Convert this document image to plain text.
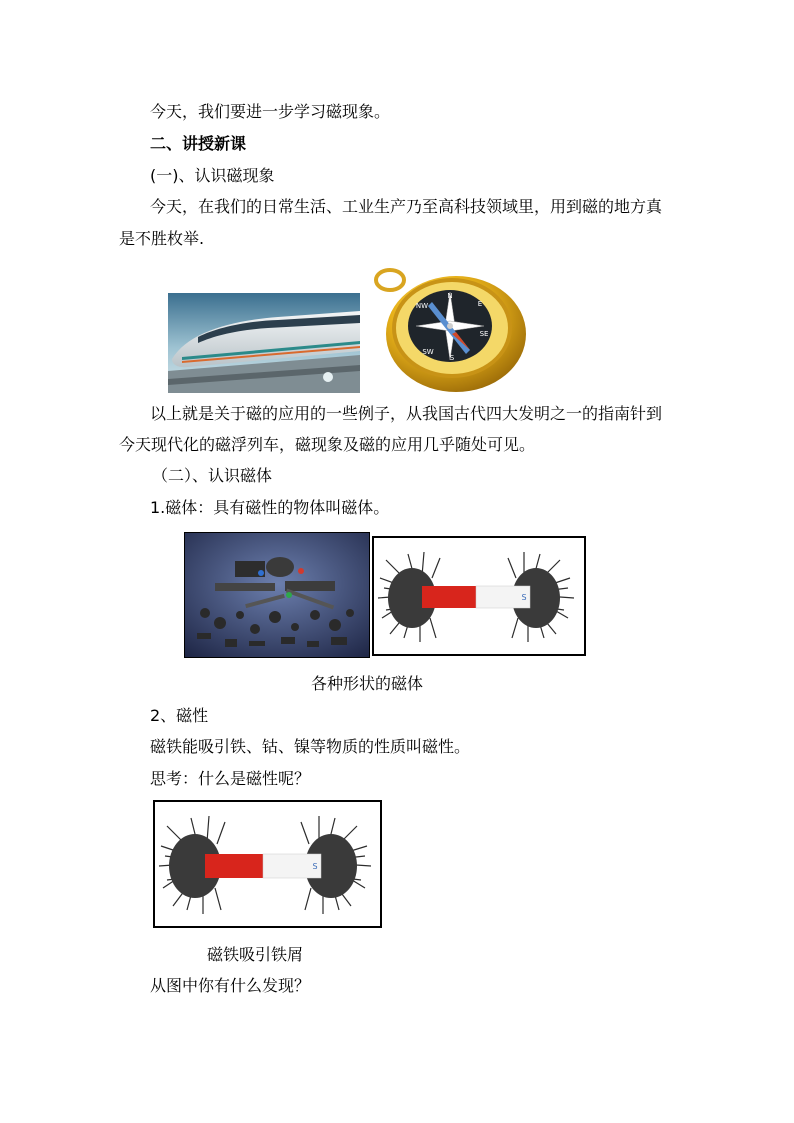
今天，我们要进一步学习磁现象。
二、讲授新课
(一)、认识磁现象
今天，在我们的日常生活、工业生产乃至高科技领域里，用到磁的地方真
是不胜枚举.
N
E
SE
S
SW
NW
以上就是关于磁的应用的一些例子，从我国古代四大发明之一的指南针到
今天现代化的磁浮列车，磁现象及磁的应用几乎随处可见。
（二）、认识磁体
1.磁体：具有磁性的物体叫磁体。
S
各种形状的磁体
2、磁性
磁铁能吸引铁、钴、镍等物质的性质叫磁性。
思考：什么是磁性呢？
S
磁铁吸引铁屑
从图中你有什么发现？
